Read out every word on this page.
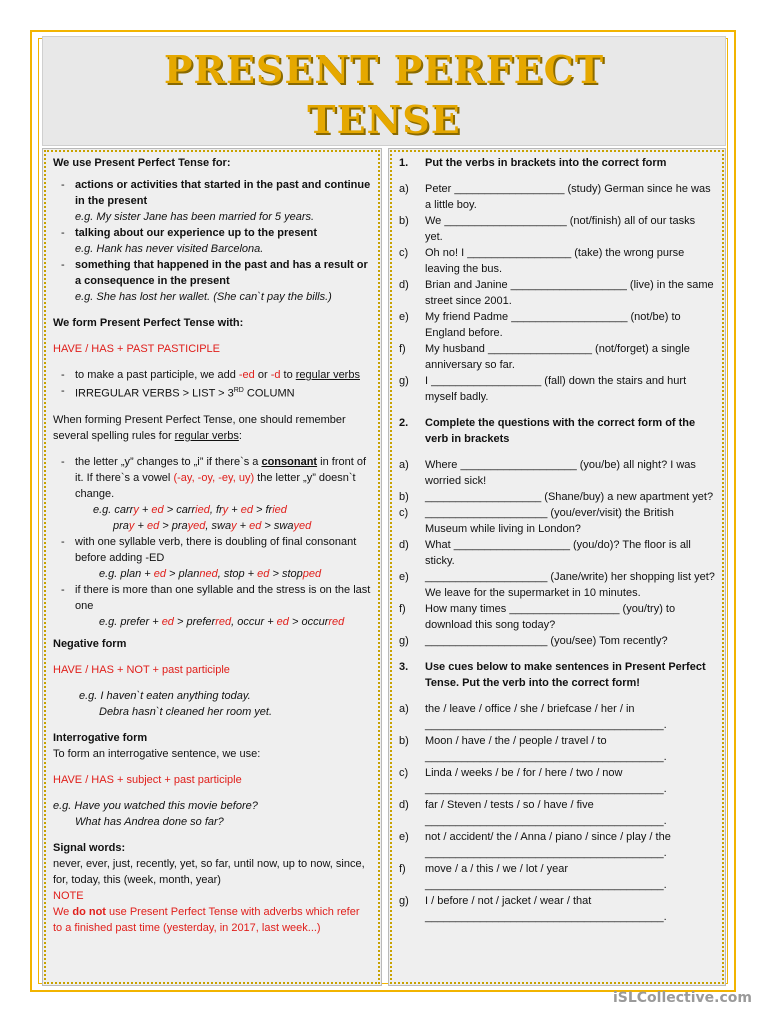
PRESENT PERFECT
TENSE

We use Present Perfect Tense for:

- actions or activities that started in the past and continue in the present
e.g. My sister Jane has been married for 5 years.
- talking about our experience up to the present
e.g. Hank has never visited Barcelona.
- something that happened in the past and has a result or a consequence in the present
e.g. She has lost her wallet. (She can`t pay the bills.)

We form Present Perfect Tense with:

HAVE / HAS + PAST PASTICIPLE

- to make a past participle, we add -ed or -d to regular verbs
- IRREGULAR VERBS > LIST > 3RD COLUMN

When forming Present Perfect Tense, one should remember several spelling rules for regular verbs:

- the letter „y” changes to „i” if there`s a consonant in front of it. If there`s a vowel (-ay, -oy, -ey, uy) the letter „y” doesn`t change.

e.g. carry + ed > carried, fry + ed > fried

pray + ed > prayed, sway + ed > swayed

- with one syllable verb, there is doubling of final consonant before adding -ED

e.g. plan + ed > planned, stop + ed > stopped

- if there is more than one syllable and the stress is on the last one

e.g. prefer + ed > preferred, occur + ed > occurred

Negative form

HAVE / HAS + NOT + past participle

e.g. I haven`t eaten anything today.

Debra hasn`t cleaned her room yet.

Interrogative form

To form an interrogative sentence, we use:

HAVE / HAS + subject + past participle

e.g. Have you watched this movie before?

What has Andrea done so far?

Signal words:

never, ever, just, recently, yet, so far, until now, up to now, since, for, today, this (week, month, year)

NOTE

We do not use Present Perfect Tense with adverbs which refer to a finished past time (yesterday, in 2017, last week...)

1.	Put the verbs in brackets into the correct form
a)	Peter __________________ (study) German since he was a little boy.
b)	We ____________________ (not/finish) all of our tasks yet.
c)	Oh no! I _________________ (take) the wrong purse leaving the bus.
d)	Brian and Janine ___________________ (live) in the same street since 2001.
e)	My friend Padme ___________________ (not/be) to England before.
f)	My husband _________________ (not/forget) a single anniversary so far.
g)	I __________________ (fall) down the stairs and hurt myself badly.
2.	Complete the questions with the correct form of the verb in brackets
a)	Where ___________________ (you/be) all night? I was worried sick!
b)	___________________ (Shane/buy) a new apartment yet?
c)	____________________ (you/ever/visit) the British Museum while living in London?
d)	What ___________________ (you/do)? The floor is all sticky.
e)	____________________ (Jane/write) her shopping list yet? We leave for the supermarket in 10 minutes.
f)	How many times __________________ (you/try) to download this song today?
g)	____________________ (you/see) Tom recently?
3.	Use cues below to make sentences in Present Perfect Tense. Put the verb into the correct form!
a)	the / leave / office / she / briefcase / her / in
_______________________________________.
b)	Moon / have / the / people / travel / to
_______________________________________.
c)	Linda / weeks / be / for / here / two / now
_______________________________________.
d)	far / Steven / tests / so / have / five
_______________________________________.
e)	not / accident/ the / Anna / piano / since / play / the
_______________________________________.
f)	move / a / this / we / lot / year
_______________________________________.
g)	I / before / not / jacket / wear / that
_______________________________________.
iSLCollective.com
